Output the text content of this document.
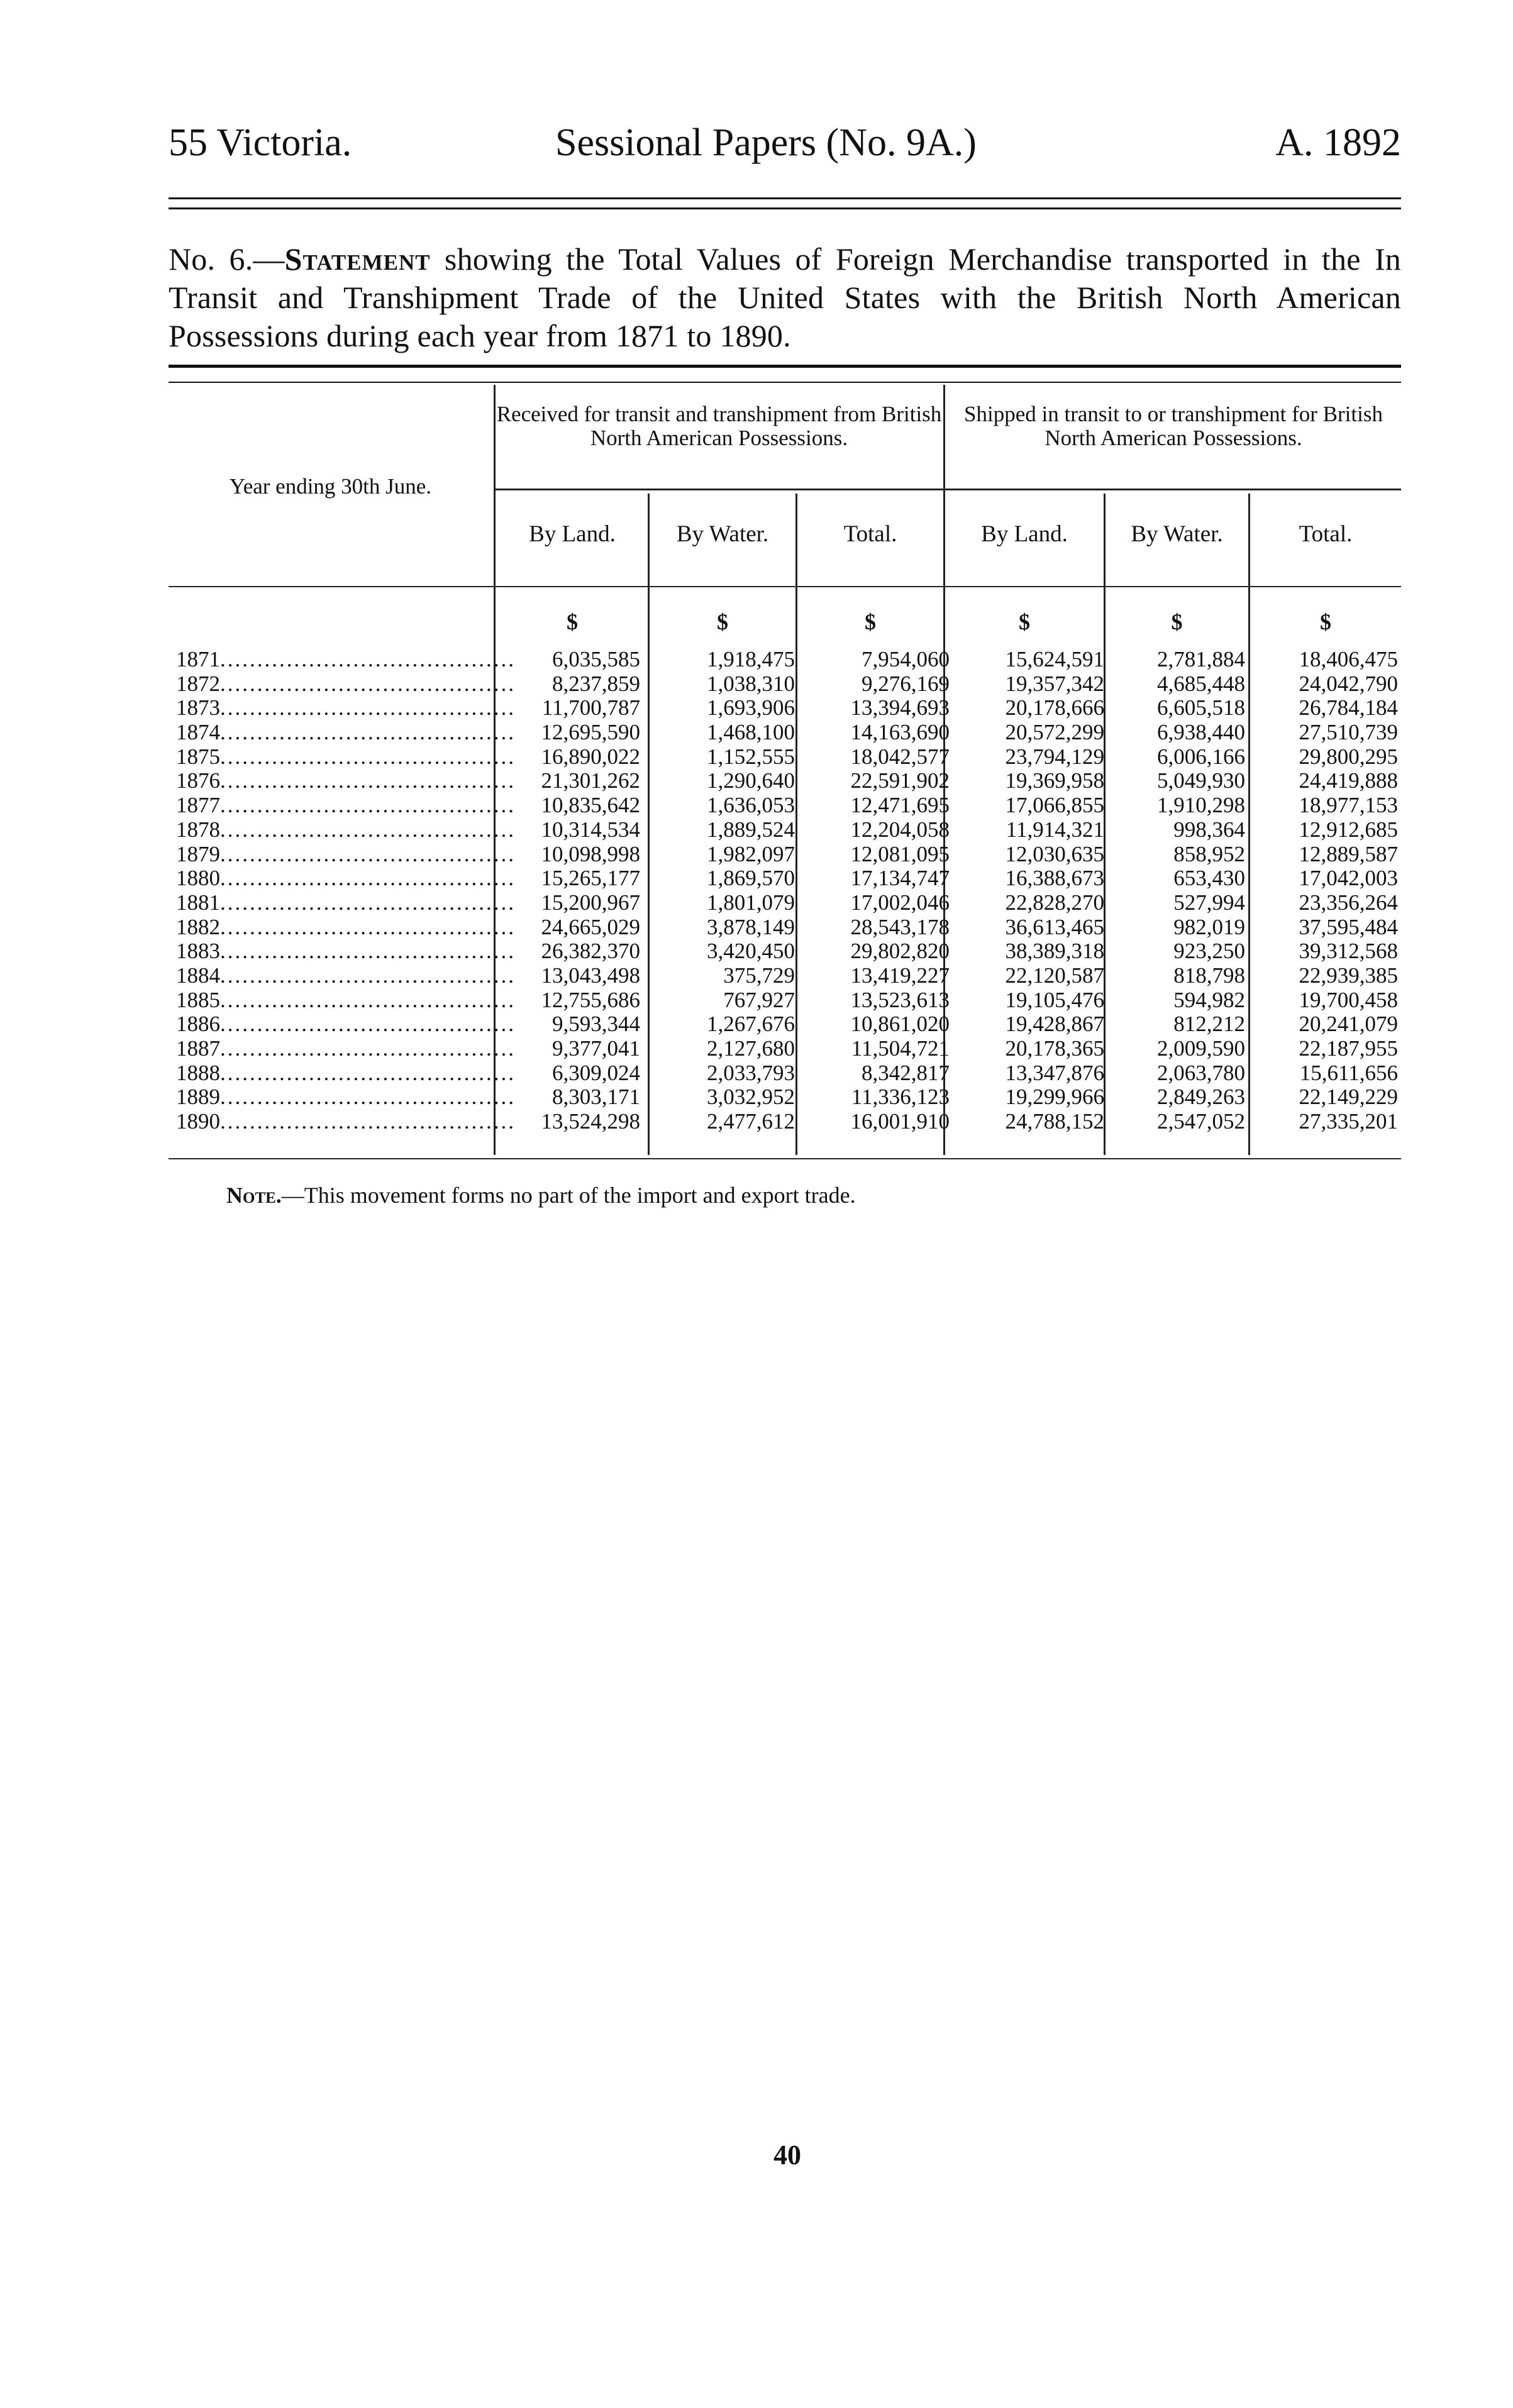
55 Victoria.	Sessional Papers (No. 9A.)	A. 1892
No. 6.—Statement showing the Total Values of Foreign Merchandise transported in the In Transit and Transhipment Trade of the United States with the British North American Possessions during each year from 1871 to 1890.
Year ending 30th June.
Received for transit and transhipment from British North American Possessions.
Shipped in transit to or transhipment for British North American Possessions.
By Land.	By Water.	Total.	By Land.	By Water.	Total.
$	$	$	$	$	$
1871........................................ 6,035,585	1,918,475	7,954,060	15,624,591 2,781,884 18,406,475
1872........................................ 8,237,859	1,038,310	9,276,169	19,357,342 4,685,448 24,042,790
1873........................................ 11,700,787	1,693,906	13,394,693	20,178,666 6,605,518 26,784,184
1874........................................ 12,695,590	1,468,100	14,163,690	20,572,299 6,938,440 27,510,739
1875........................................ 16,890,022	1,152,555	18,042,577	23,794,129 6,006,166 29,800,295
1876........................................ 21,301,262	1,290,640	22,591,902	19,369,958 5,049,930 24,419,888
1877........................................ 10,835,642	1,636,053	12,471,695	17,066,855 1,910,298 18,977,153
1878........................................ 10,314,534	1,889,524	12,204,058	11,914,321	998,364 12,912,685
1879........................................ 10,098,998	1,982,097	12,081,095	12,030,635	858,952 12,889,587
1880........................................ 15,265,177	1,869,570	17,134,747	16,388,673	653,430 17,042,003
1881........................................ 15,200,967	1,801,079	17,002,046	22,828,270	527,994 23,356,264
1882........................................ 24,665,029	3,878,149	28,543,178	36,613,465	982,019 37,595,484
1883........................................ 26,382,370	3,420,450	29,802,820	38,389,318	923,250 39,312,568
1884........................................ 13,043,498	375,729	13,419,227	22,120,587	818,798 22,939,385
1885........................................ 12,755,686	767,927	13,523,613	19,105,476	594,982 19,700,458
1886........................................ 9,593,344	1,267,676	10,861,020	19,428,867	812,212 20,241,079
1887........................................ 9,377,041	2,127,680	11,504,721	20,178,365 2,009,590 22,187,955
1888........................................ 6,309,024	2,033,793	8,342,817	13,347,876 2,063,780 15,611,656
1889........................................ 8,303,171	3,032,952	11,336,123	19,299,966 2,849,263 22,149,229
1890........................................ 13,524,298	2,477,612	16,001,910	24,788,152 2,547,052 27,335,201
Note.—This movement forms no part of the import and export trade.
40
